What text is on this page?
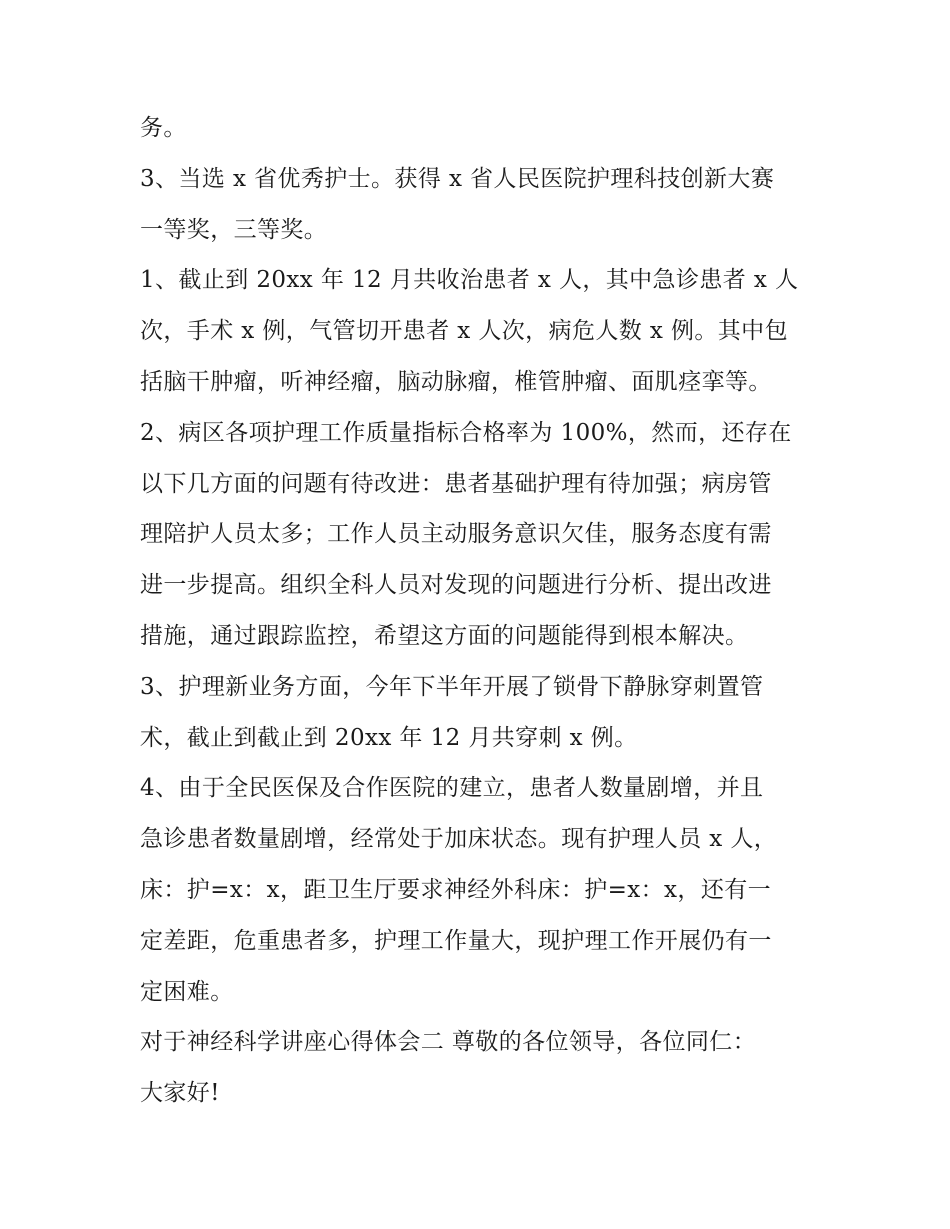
务。
3、当选 x 省优秀护士。获得 x 省人民医院护理科技创新大赛
一等奖，三等奖。
1、截止到 20xx 年 12 月共收治患者 x 人，其中急诊患者 x 人
次，手术 x 例，气管切开患者 x 人次，病危人数 x 例。其中包
括脑干肿瘤，听神经瘤，脑动脉瘤，椎管肿瘤、面肌痉挛等。
2、病区各项护理工作质量指标合格率为 100%，然而，还存在
以下几方面的问题有待改进：患者基础护理有待加强；病房管
理陪护人员太多；工作人员主动服务意识欠佳，服务态度有需
进一步提高。组织全科人员对发现的问题进行分析、提出改进
措施，通过跟踪监控，希望这方面的问题能得到根本解决。
3、护理新业务方面，今年下半年开展了锁骨下静脉穿刺置管
术，截止到截止到 20xx 年 12 月共穿刺 x 例。
4、由于全民医保及合作医院的建立，患者人数量剧增，并且
急诊患者数量剧增，经常处于加床状态。现有护理人员 x 人，
床：护=x：x，距卫生厅要求神经外科床：护=x：x，还有一
定差距，危重患者多，护理工作量大，现护理工作开展仍有一
定困难。
对于神经科学讲座心得体会二 尊敬的各位领导，各位同仁：
大家好!
